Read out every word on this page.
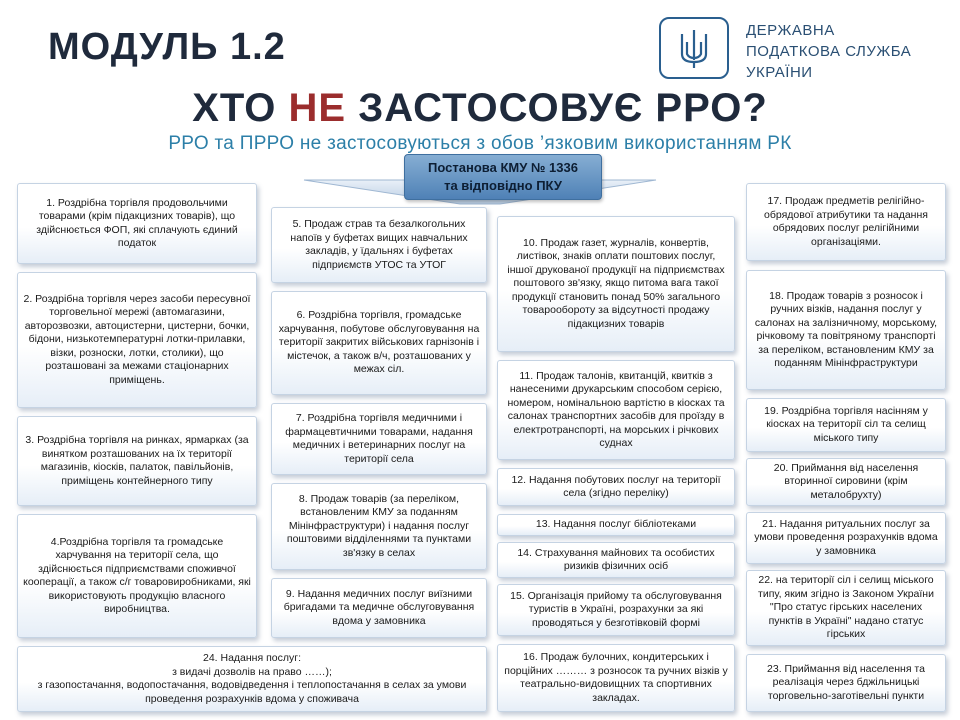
МОДУЛЬ 1.2	ДЕРЖАВНА
ПОДАТКОВА СЛУЖБА
УКРАЇНИ
ХТО НЕ ЗАСТОСОВУЄ РРО?
РРО та ПРРО не застосовуються з обов ’язковим використанням РК
Постанова КМУ № 1336
та відповідно ПКУ
1. Роздрібна торгівля продовольчими товарами (крім підакцизних товарів), що здійснюється ФОП, які сплачують єдиний податок
2. Роздрібна торгівля через засоби пересувної торговельної мережі (автомагазини, авторозвозки, автоцистерни, цистерни, бочки, бідони, низькотемпературні лотки-прилавки, візки, рознoски, лотки, столики), що розташовані за межами стаціонарних приміщень.
3. Роздрібна торгівля на ринках, ярмарках (за винятком розташованих на їх території магазинів, кіосків, палаток, павільйонів, приміщень контейнерного типу
4.Роздрібна торгівля та громадське харчування на території села, що здійснюється підприємствами споживчої кооперації, а також с/г товаровиробниками, які використовують продукцію власного виробництва.
5. Продаж страв та безалкогольних напоїв у буфетах вищих навчальних закладів, у їдальнях і буфетах підприємств УТОС та УТОГ
6. Роздрібна торгівля, громадське харчування, побутове обслуговування на території закритих військових гарнізонів і містечок, а також в/ч, розташованих у межах сіл.
7. Роздрібна торгівля медичними і фармацевтичними товарами, надання медичних і ветеринарних послуг на території села
8. Продаж товарів (за переліком, встановленим КМУ за поданням Мінінфраструктури) і надання послуг поштовими відділеннями та пунктами зв'язку в селах
9. Надання медичних послуг виїзними бригадами та медичне обслуговування вдома у замовника
10. Продаж газет, журналів, конвертів, листівок, знаків оплати поштових послуг, іншої друкованої продукції на підприємствах поштового зв'язку, якщо питома вага такої продукції становить понад 50% загального товарообороту за відсутності продажу підакцизних товарів
11. Продаж талонів, квитанцій, квитків з нанесеними друкарським способом серією, номером, номінальною вартістю в кіосках та салонах транспортних засобів для проїзду в електротранспорті, на морських і річкових суднах
12. Надання побутових послуг на території села (згідно переліку)
13. Надання послуг бібліотеками
14. Страхування майнових та особистих ризиків фізичних осіб
15. Організація прийому та обслуговування туристів в Україні, розрахунки за які проводяться у безготівковій формі
16. Продаж булочних, кондитерських і порційних ……… з розносок та ручних візків у театрально-видовищних та спортивних закладах.
17. Продаж предметів релігійно-обрядової атрибутики та надання обрядових послуг релігійними організаціями.
18. Продаж товарів з розносок і ручних візків, надання послуг у салонах на залізничному, морському, річковому та повітряному транспорті за переліком, встановленим КМУ за поданням Мінінфраструктури
19. Роздрібна торгівля насінням у кіосках на території сіл та селищ міського типу
20. Приймання від населення вторинної сировини (крім металобрухту)
21. Надання ритуальних послуг за умови проведення розрахунків вдома у замовника
22. на території сіл і селищ міського типу, яким згідно із Законом України "Про статус гірських населених пунктів в Україні" надано статус гірських
23. Приймання від населення та реалізація через бджільницькі торговельно-заготівельні пункти
24. Надання послуг:
з видачі дозволів на право ……);
з газопостачання, водопостачання, водовідведення і теплопостачання в селах за умови проведення розрахунків вдома у споживача
